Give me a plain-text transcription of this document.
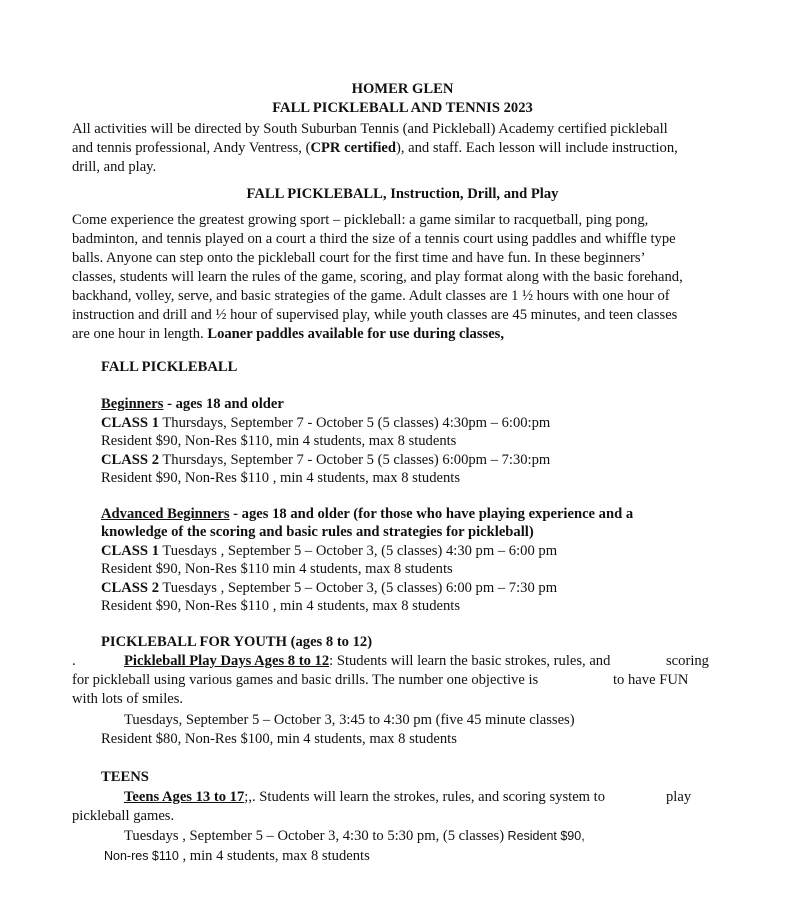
HOMER GLEN
FALL PICKLEBALL AND TENNIS 2023
All activities will be directed by South Suburban Tennis (and Pickleball) Academy certified pickleball
and tennis professional, Andy Ventress, (CPR certified), and staff. Each lesson will include instruction,
drill, and play.
FALL PICKLEBALL, Instruction, Drill, and Play
Come experience the greatest growing sport – pickleball: a game similar to racquetball, ping pong,
badminton, and tennis played on a court a third the size of a tennis court using paddles and whiffle type
balls. Anyone can step onto the pickleball court for the first time and have fun. In these beginners’
classes, students will learn the rules of the game, scoring, and play format along with the basic forehand,
backhand, volley, serve, and basic strategies of the game. Adult classes are 1 ½ hours with one hour of
instruction and drill and ½ hour of supervised play, while youth classes are 45 minutes, and teen classes
are one hour in length. Loaner paddles available for use during classes,
FALL PICKLEBALL
Beginners - ages 18 and older
CLASS 1 Thursdays, September 7 - October 5 (5 classes) 4:30pm – 6:00:pm
Resident $90, Non-Res $110, min 4 students, max 8 students
CLASS 2 Thursdays, September 7 - October 5 (5 classes) 6:00pm – 7:30:pm
Resident $90, Non-Res $110 , min 4 students, max 8 students
Advanced Beginners - ages 18 and older (for those who have playing experience and a
knowledge of the scoring and basic rules and strategies for pickleball)
CLASS 1 Tuesdays , September 5 – October 3, (5 classes) 4:30 pm – 6:00 pm
Resident $90, Non-Res $110 min 4 students, max 8 students
CLASS 2 Tuesdays , September 5 – October 3, (5 classes) 6:00 pm – 7:30 pm
Resident $90, Non-Res $110 , min 4 students, max 8 students
PICKLEBALL FOR YOUTH (ages 8 to 12)
.	Pickleball Play Days Ages 8 to 12: Students will learn the basic strokes, rules, and	scoring
for pickleball using various games and basic drills. The number one objective is	to have FUN
with lots of smiles.
Tuesdays, September 5 – October 3, 3:45 to 4:30 pm (five 45 minute classes)
Resident $80, Non-Res $100, min 4 students, max 8 students
TEENS
Teens Ages 13 to 17;,. Students will learn the strokes, rules, and scoring system to	play
pickleball games.
Tuesdays , September 5 – October 3, 4:30 to 5:30 pm, (5 classes) Resident $90,
Non-res $110 , min 4 students, max 8 students
